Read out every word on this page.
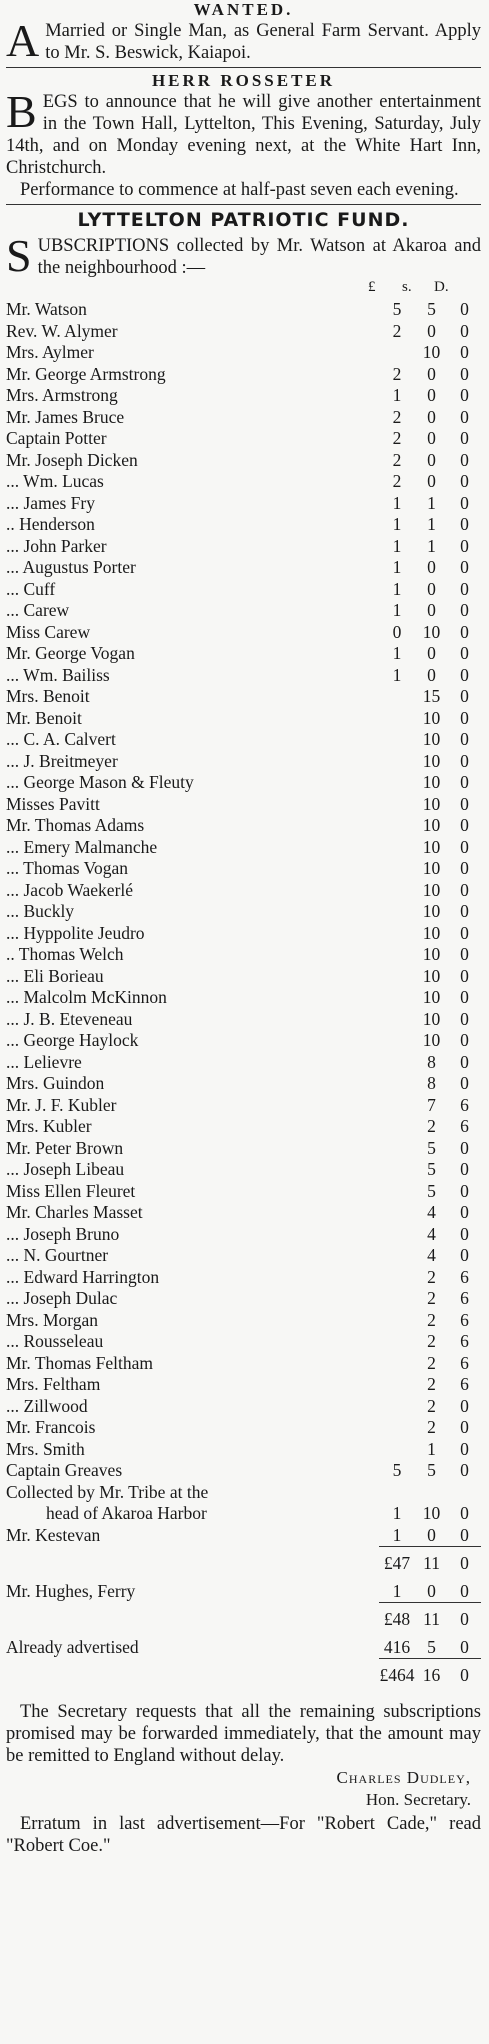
WANTED.
A Married or Single Man, as General Farm Servant. Apply to Mr. S. Beswick, Kaiapoi.
HERR ROSSETER
B EGS to announce that he will give another entertainment in the Town Hall, Lyttelton, This Evening, Saturday, July 14th, and on Monday evening next, at the White Hart Inn, Christchurch.
Performance to commence at half-past seven each evening.
LYTTELTON PATRIOTIC FUND.
S UBSCRIPTIONS collected by Mr. Watson at Akaroa and the neighbourhood :—
£ s. D.
Mr. Watson	5	5	0
Rev. W. Alymer	2	0	0
Mrs. Aylmer		10	0
Mr. George Armstrong	2	0	0
Mrs. Armstrong	1	0	0
Mr. James Bruce	2	0	0
Captain Potter	2	0	0
Mr. Joseph Dicken	2	0	0
... Wm. Lucas	2	0	0
... James Fry	1	1	0
.. Henderson	1	1	0
... John Parker	1	1	0
... Augustus Porter	1	0	0
... Cuff	1	0	0
... Carew	1	0	0
Miss Carew	0	10	0
Mr. George Vogan	1	0	0
... Wm. Bailiss	1	0	0
Mrs. Benoit		15	0
Mr. Benoit		10	0
... C. A. Calvert		10	0
... J. Breitmeyer		10	0
... George Mason & Fleuty		10	0
Misses Pavitt		10	0
Mr. Thomas Adams		10	0
... Emery Malmanche		10	0
... Thomas Vogan		10	0
... Jacob Waekerlé		10	0
... Buckly		10	0
... Hyppolite Jeudro		10	0
.. Thomas Welch		10	0
... Eli Borieau		10	0
... Malcolm McKinnon		10	0
... J. B. Eteveneau		10	0
... George Haylock		10	0
... Lelievre		8	0
Mrs. Guindon		8	0
Mr. J. F. Kubler		7	6
Mrs. Kubler		2	6
Mr. Peter Brown		5	0
... Joseph Libeau		5	0
Miss Ellen Fleuret		5	0
Mr. Charles Masset		4	0
... Joseph Bruno		4	0
... N. Gourtner		4	0
... Edward Harrington		2	6
... Joseph Dulac		2	6
Mrs. Morgan		2	6
... Rousseleau		2	6
Mr. Thomas Feltham		2	6
Mrs. Feltham		2	6
... Zillwood		2	0
Mr. Francois		2	0
Mrs. Smith		1	0
Captain Greaves	5	5	0
Collected by Mr. Tribe at the			
head of Akaroa Harbor	1	10	0
Mr. Kestevan	1	0	0
	£47	11	0
Mr. Hughes, Ferry	1	0	0
	£48	11	0
Already advertised	416	5	0
	£464	16	0
The Secretary requests that all the remaining subscriptions promised may be forwarded immediately, that the amount may be remitted to England without delay.
Charles Dudley,
Hon. Secretary.
Erratum in last advertisement—For "Robert Cade," read "Robert Coe."
